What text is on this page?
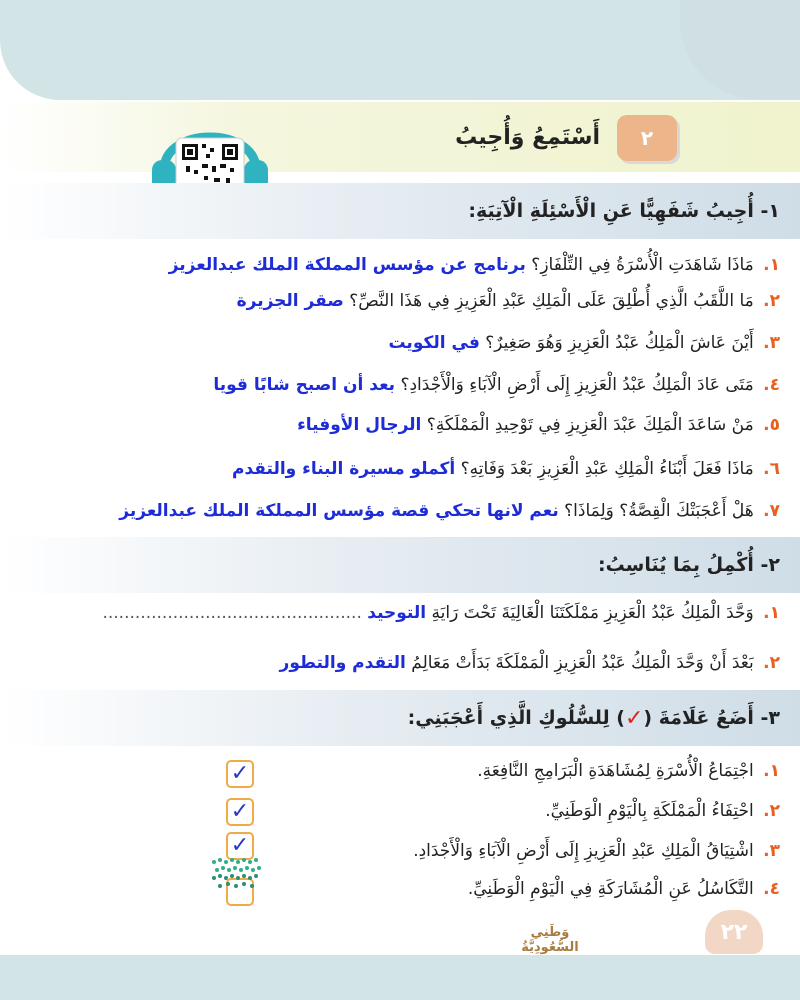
٢
أَسْتَمِعُ وَأُجِيبُ
١- أُجِيبُ شَفَهِيًّا عَنِ الْأَسْئِلَةِ الْآتِيَةِ:
١. مَاذَا شَاهَدَتِ الْأُسْرَةُ فِي التِّلْفَازِ؟ برنامج عن مؤسس المملكة الملك عبدالعزيز
٢. مَا اللَّقَبُ الَّذِي أُطْلِقَ عَلَى الْمَلِكِ عَبْدِ الْعَزِيزِ فِي هَذَا النَّصِّ؟ صقر الجزيرة
٣. أَيْنَ عَاشَ الْمَلِكُ عَبْدُ الْعَزِيزِ وَهُوَ صَغِيرٌ؟ في الكويت
٤. مَتَى عَادَ الْمَلِكُ عَبْدُ الْعَزِيزِ إِلَى أَرْضِ الْآبَاءِ وَالْأَجْدَادِ؟ بعد أن اصبح شابًا قويا
٥. مَنْ سَاعَدَ الْمَلِكَ عَبْدَ الْعَزِيزِ فِي تَوْحِيدِ الْمَمْلَكَةِ؟ الرجال الأوفياء
٦. مَاذَا فَعَلَ أَبْنَاءُ الْمَلِكِ عَبْدِ الْعَزِيزِ بَعْدَ وَفَاتِهِ؟ أكملو مسيرة البناء والتقدم
٧. هَلْ أَعْجَبَتْكَ الْقِصَّةُ؟ وَلِمَاذَا؟ نعم لانها تحكي قصة مؤسس المملكة الملك عبدالعزيز
٢- أُكْمِلُ بِمَا يُنَاسِبُ:
١. وَحَّدَ الْمَلِكُ عَبْدُ الْعَزِيزِ مَمْلَكَتَنَا الْغَالِيَةَ تَحْتَ رَايَةِ التوحيد ................................................
٢. بَعْدَ أَنْ وَحَّدَ الْمَلِكُ عَبْدُ الْعَزِيزِ الْمَمْلَكَةَ بَدَأَتْ مَعَالِمُ التقدم والتطور
٣- أَضَعُ عَلَامَةَ (
✓
) لِلسُّلُوكِ الَّذِي أَعْجَبَنِي:
١. اجْتِمَاعُ الْأُسْرَةِ لِمُشَاهَدَةِ الْبَرَامِجِ النَّافِعَةِ.
✓
٢. احْتِفَاءُ الْمَمْلَكَةِ بِالْيَوْمِ الْوَطَنِيِّ.
✓
٣. اشْتِيَاقُ الْمَلِكِ عَبْدِ الْعَزِيزِ إِلَى أَرْضِ الْآبَاءِ وَالْأَجْدَادِ.
✓
٤. التَّكَاسُلُ عَنِ الْمُشَارَكَةِ فِي الْيَوْمِ الْوَطَنِيِّ.
وَطَنِي السُّعُودِيَّةُ
٢٢
